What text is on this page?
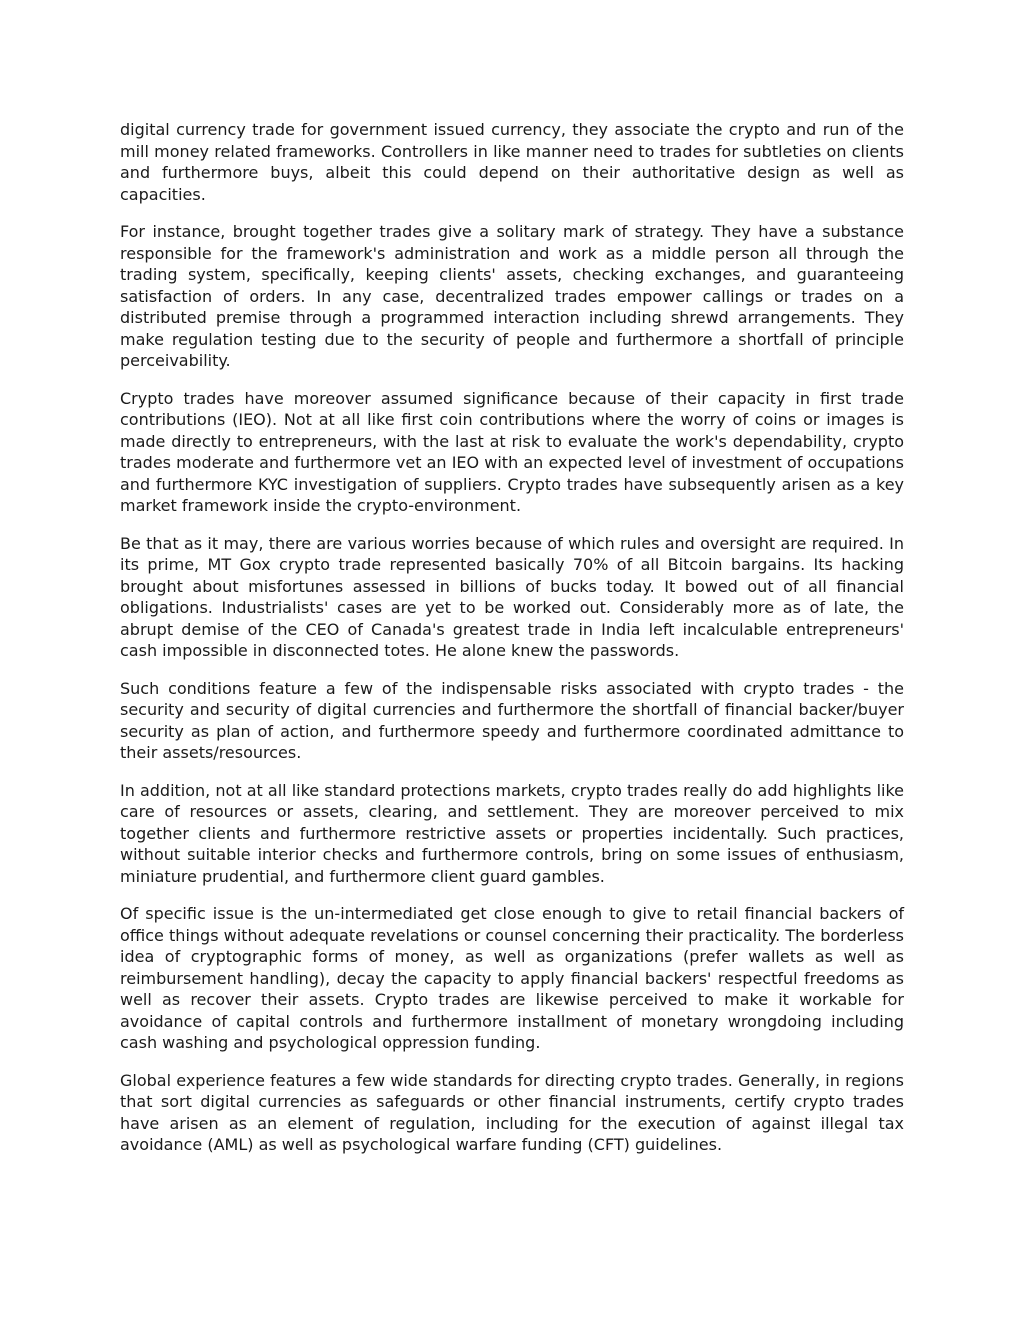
digital currency trade for government issued currency, they associate the crypto and run of the mill money related frameworks. Controllers in like manner need to trades for subtleties on clients and furthermore buys, albeit this could depend on their authoritative design as well as capacities.

For instance, brought together trades give a solitary mark of strategy. They have a substance responsible for the framework's administration and work as a middle person all through the trading system, specifically, keeping clients' assets, checking exchanges, and guaranteeing satisfaction of orders. In any case, decentralized trades empower callings or trades on a distributed premise through a programmed interaction including shrewd arrangements. They make regulation testing due to the security of people and furthermore a shortfall of principle perceivability.

Crypto trades have moreover assumed significance because of their capacity in first trade contributions (IEO). Not at all like first coin contributions where the worry of coins or images is made directly to entrepreneurs, with the last at risk to evaluate the work's dependability, crypto trades moderate and furthermore vet an IEO with an expected level of investment of occupations and furthermore KYC investigation of suppliers. Crypto trades have subsequently arisen as a key market framework inside the crypto-environment.

Be that as it may, there are various worries because of which rules and oversight are required. In its prime, MT Gox crypto trade represented basically 70% of all Bitcoin bargains. Its hacking brought about misfortunes assessed in billions of bucks today. It bowed out of all financial obligations. Industrialists' cases are yet to be worked out. Considerably more as of late, the abrupt demise of the CEO of Canada's greatest trade in India left incalculable entrepreneurs' cash impossible in disconnected totes. He alone knew the passwords.

Such conditions feature a few of the indispensable risks associated with crypto trades - the security and security of digital currencies and furthermore the shortfall of financial backer/buyer security as plan of action, and furthermore speedy and furthermore coordinated admittance to their assets/resources.

In addition, not at all like standard protections markets, crypto trades really do add highlights like care of resources or assets, clearing, and settlement. They are moreover perceived to mix together clients and furthermore restrictive assets or properties incidentally. Such practices, without suitable interior checks and furthermore controls, bring on some issues of enthusiasm, miniature prudential, and furthermore client guard gambles.

Of specific issue is the un-intermediated get close enough to give to retail financial backers of office things without adequate revelations or counsel concerning their practicality. The borderless idea of cryptographic forms of money, as well as organizations (prefer wallets as well as reimbursement handling), decay the capacity to apply financial backers' respectful freedoms as well as recover their assets. Crypto trades are likewise perceived to make it workable for avoidance of capital controls and furthermore installment of monetary wrongdoing including cash washing and psychological oppression funding.

Global experience features a few wide standards for directing crypto trades. Generally, in regions that sort digital currencies as safeguards or other financial instruments, certify crypto trades have arisen as an element of regulation, including for the execution of against illegal tax avoidance (AML) as well as psychological warfare funding (CFT) guidelines.
